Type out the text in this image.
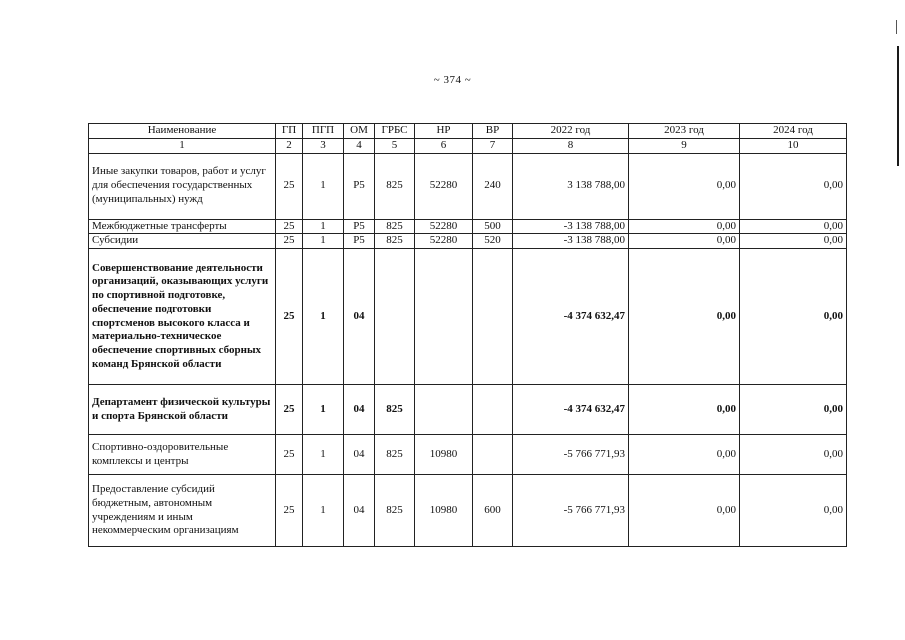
~ 374 ~
Наименование	ГП	ПГП	ОМ	ГРБС	НР	ВР	2022 год	2023 год	2024 год
1	2	3	4	5	6	7	8	9	10
Иные закупки товаров, работ и услуг для обеспечения государственных (муниципальных) нужд	25	1	Р5	825	52280	240	3 138 788,00	0,00	0,00
Межбюджетные трансферты	25	1	Р5	825	52280	500	-3 138 788,00	0,00	0,00
Субсидии	25	1	Р5	825	52280	520	-3 138 788,00	0,00	0,00
Совершенствование деятельности организаций, оказывающих услуги по спортивной подготовке, обеспечение подготовки спортсменов высокого класса и материально-техническое обеспечение спортивных сборных команд Брянской области	25	1	04				-4 374 632,47	0,00	0,00
Департамент физической культуры и спорта Брянской области	25	1	04	825			-4 374 632,47	0,00	0,00
Спортивно-оздоровительные комплексы и центры	25	1	04	825	10980		-5 766 771,93	0,00	0,00
Предоставление субсидий бюджетным, автономным учреждениям и иным некоммерческим организациям	25	1	04	825	10980	600	-5 766 771,93	0,00	0,00
